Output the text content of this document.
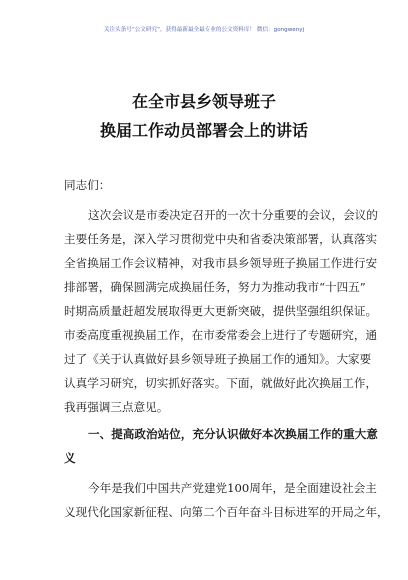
关注头条号“公文研究”，获得最新最全最专业的公文资料库！ 微信：gongwenyj
在全市县乡领导班子
换届工作动员部署会上的讲话
同志们：
这次会议是市委决定召开的一次十分重要的会议，会议的
主要任务是，深入学习贯彻党中央和省委决策部署，认真落实
全省换届工作会议精神，对我市县乡领导班子换届工作进行安
排部署，确保圆满完成换届任务，努力为推动我市“十四五”
时期高质量赶超发展取得更大更新突破，提供坚强组织保证。
市委高度重视换届工作，在市委常委会上进行了专题研究，通
过了《关于认真做好县乡领导班子换届工作的通知》。大家要
认真学习研究，切实抓好落实。下面，就做好此次换届工作，
我再强调三点意见。
一、提高政治站位，充分认识做好本次换届工作的重大意
义
今年是我们中国共产党建党100周年，是全面建设社会主
义现代化国家新征程、向第二个百年奋斗目标进军的开局之年，
